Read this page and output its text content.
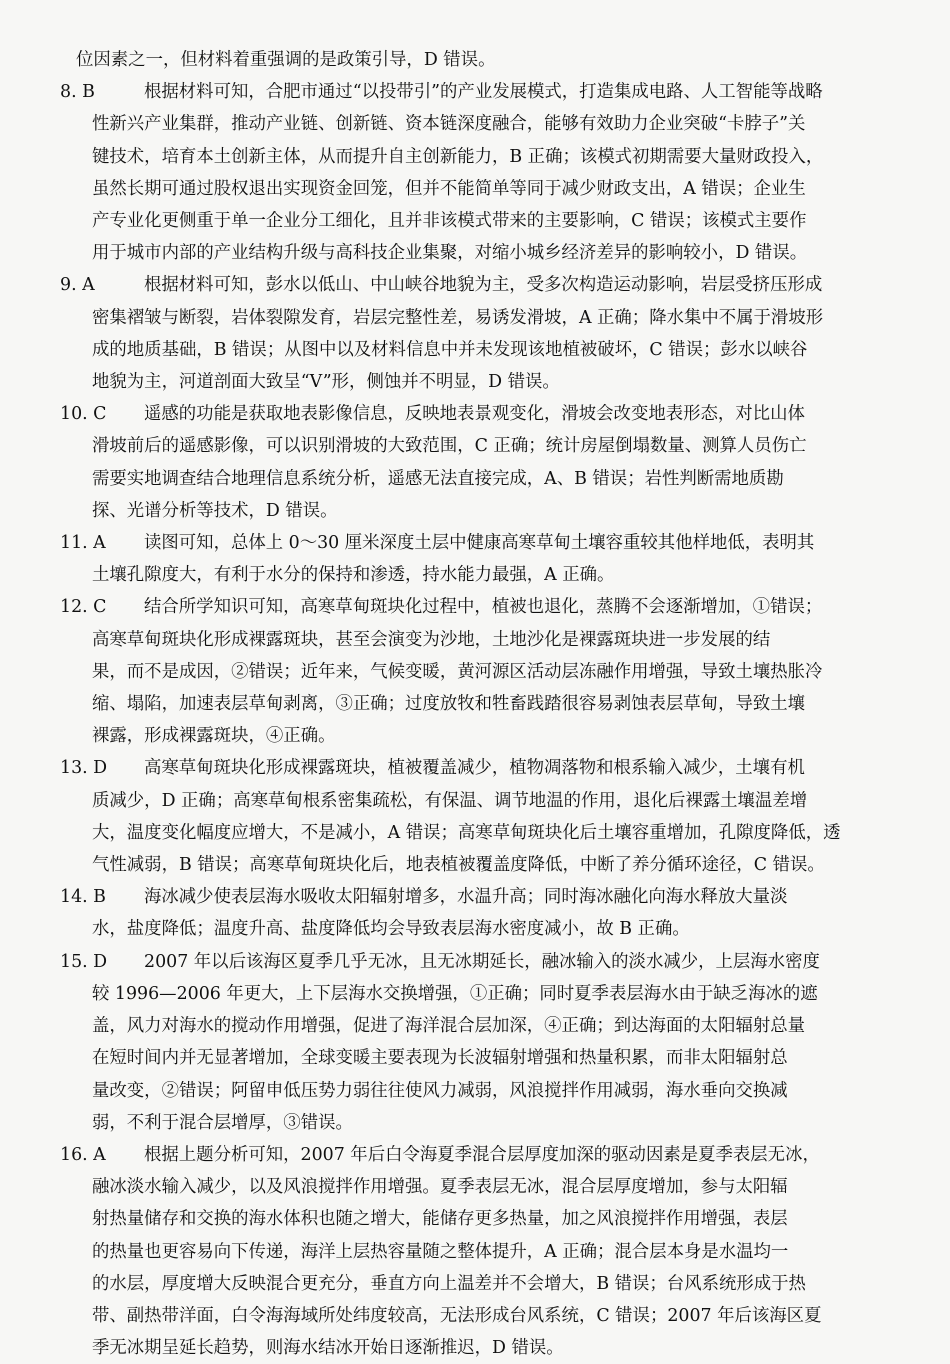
位因素之一，但材料着重强调的是政策引导，D 错误。

8. B	根据材料可知，合肥市通过“以投带引”的产业发展模式，打造集成电路、人工智能等战略
性新兴产业集群，推动产业链、创新链、资本链深度融合，能够有效助力企业突破“卡脖子”关
键技术，培育本土创新主体，从而提升自主创新能力，B 正确；该模式初期需要大量财政投入，
虽然长期可通过股权退出实现资金回笼，但并不能简单等同于减少财政支出，A 错误；企业生
产专业化更侧重于单一企业分工细化，且并非该模式带来的主要影响，C 错误；该模式主要作
用于城市内部的产业结构升级与高科技企业集聚，对缩小城乡经济差异的影响较小，D 错误。
9. A	根据材料可知，彭水以低山、中山峡谷地貌为主，受多次构造运动影响，岩层受挤压形成
密集褶皱与断裂，岩体裂隙发育，岩层完整性差，易诱发滑坡，A 正确；降水集中不属于滑坡形
成的地质基础，B 错误；从图中以及材料信息中并未发现该地植被破坏，C 错误；彭水以峡谷
地貌为主，河道剖面大致呈“V”形，侧蚀并不明显，D 错误。
10. C	遥感的功能是获取地表影像信息，反映地表景观变化，滑坡会改变地表形态，对比山体
滑坡前后的遥感影像，可以识别滑坡的大致范围，C 正确；统计房屋倒塌数量、测算人员伤亡
需要实地调查结合地理信息系统分析，遥感无法直接完成，A、B 错误；岩性判断需地质勘
探、光谱分析等技术，D 错误。
11. A	读图可知，总体上 0～30 厘米深度土层中健康高寒草甸土壤容重较其他样地低，表明其
土壤孔隙度大，有利于水分的保持和渗透，持水能力最强，A 正确。
12. C	结合所学知识可知，高寒草甸斑块化过程中，植被也退化，蒸腾不会逐渐增加，①错误；
高寒草甸斑块化形成裸露斑块，甚至会演变为沙地，土地沙化是裸露斑块进一步发展的结
果，而不是成因，②错误；近年来，气候变暖，黄河源区活动层冻融作用增强，导致土壤热胀冷
缩、塌陷，加速表层草甸剥离，③正确；过度放牧和牲畜践踏很容易剥蚀表层草甸，导致土壤
裸露，形成裸露斑块，④正确。
13. D	高寒草甸斑块化形成裸露斑块，植被覆盖减少，植物凋落物和根系输入减少，土壤有机
质减少，D 正确；高寒草甸根系密集疏松，有保温、调节地温的作用，退化后裸露土壤温差增
大，温度变化幅度应增大，不是减小，A 错误；高寒草甸斑块化后土壤容重增加，孔隙度降低，透
气性减弱，B 错误；高寒草甸斑块化后，地表植被覆盖度降低，中断了养分循环途径，C 错误。
14. B	海冰减少使表层海水吸收太阳辐射增多，水温升高；同时海冰融化向海水释放大量淡
水，盐度降低；温度升高、盐度降低均会导致表层海水密度减小，故 B 正确。
15. D	2007 年以后该海区夏季几乎无冰，且无冰期延长，融冰输入的淡水减少，上层海水密度
较 1996—2006 年更大，上下层海水交换增强，①正确；同时夏季表层海水由于缺乏海冰的遮
盖，风力对海水的搅动作用增强，促进了海洋混合层加深，④正确；到达海面的太阳辐射总量
在短时间内并无显著增加，全球变暖主要表现为长波辐射增强和热量积累，而非太阳辐射总
量改变，②错误；阿留申低压势力弱往往使风力减弱，风浪搅拌作用减弱，海水垂向交换减
弱，不利于混合层增厚，③错误。
16. A	根据上题分析可知，2007 年后白令海夏季混合层厚度加深的驱动因素是夏季表层无冰，
融冰淡水输入减少，以及风浪搅拌作用增强。夏季表层无冰，混合层厚度增加，参与太阳辐
射热量储存和交换的海水体积也随之增大，能储存更多热量，加之风浪搅拌作用增强，表层
的热量也更容易向下传递，海洋上层热容量随之整体提升，A 正确；混合层本身是水温均一
的水层，厚度增大反映混合更充分，垂直方向上温差并不会增大，B 错误；台风系统形成于热
带、副热带洋面，白令海海域所处纬度较高，无法形成台风系统，C 错误；2007 年后该海区夏
季无冰期呈延长趋势，则海水结冰开始日逐渐推迟，D 错误。
